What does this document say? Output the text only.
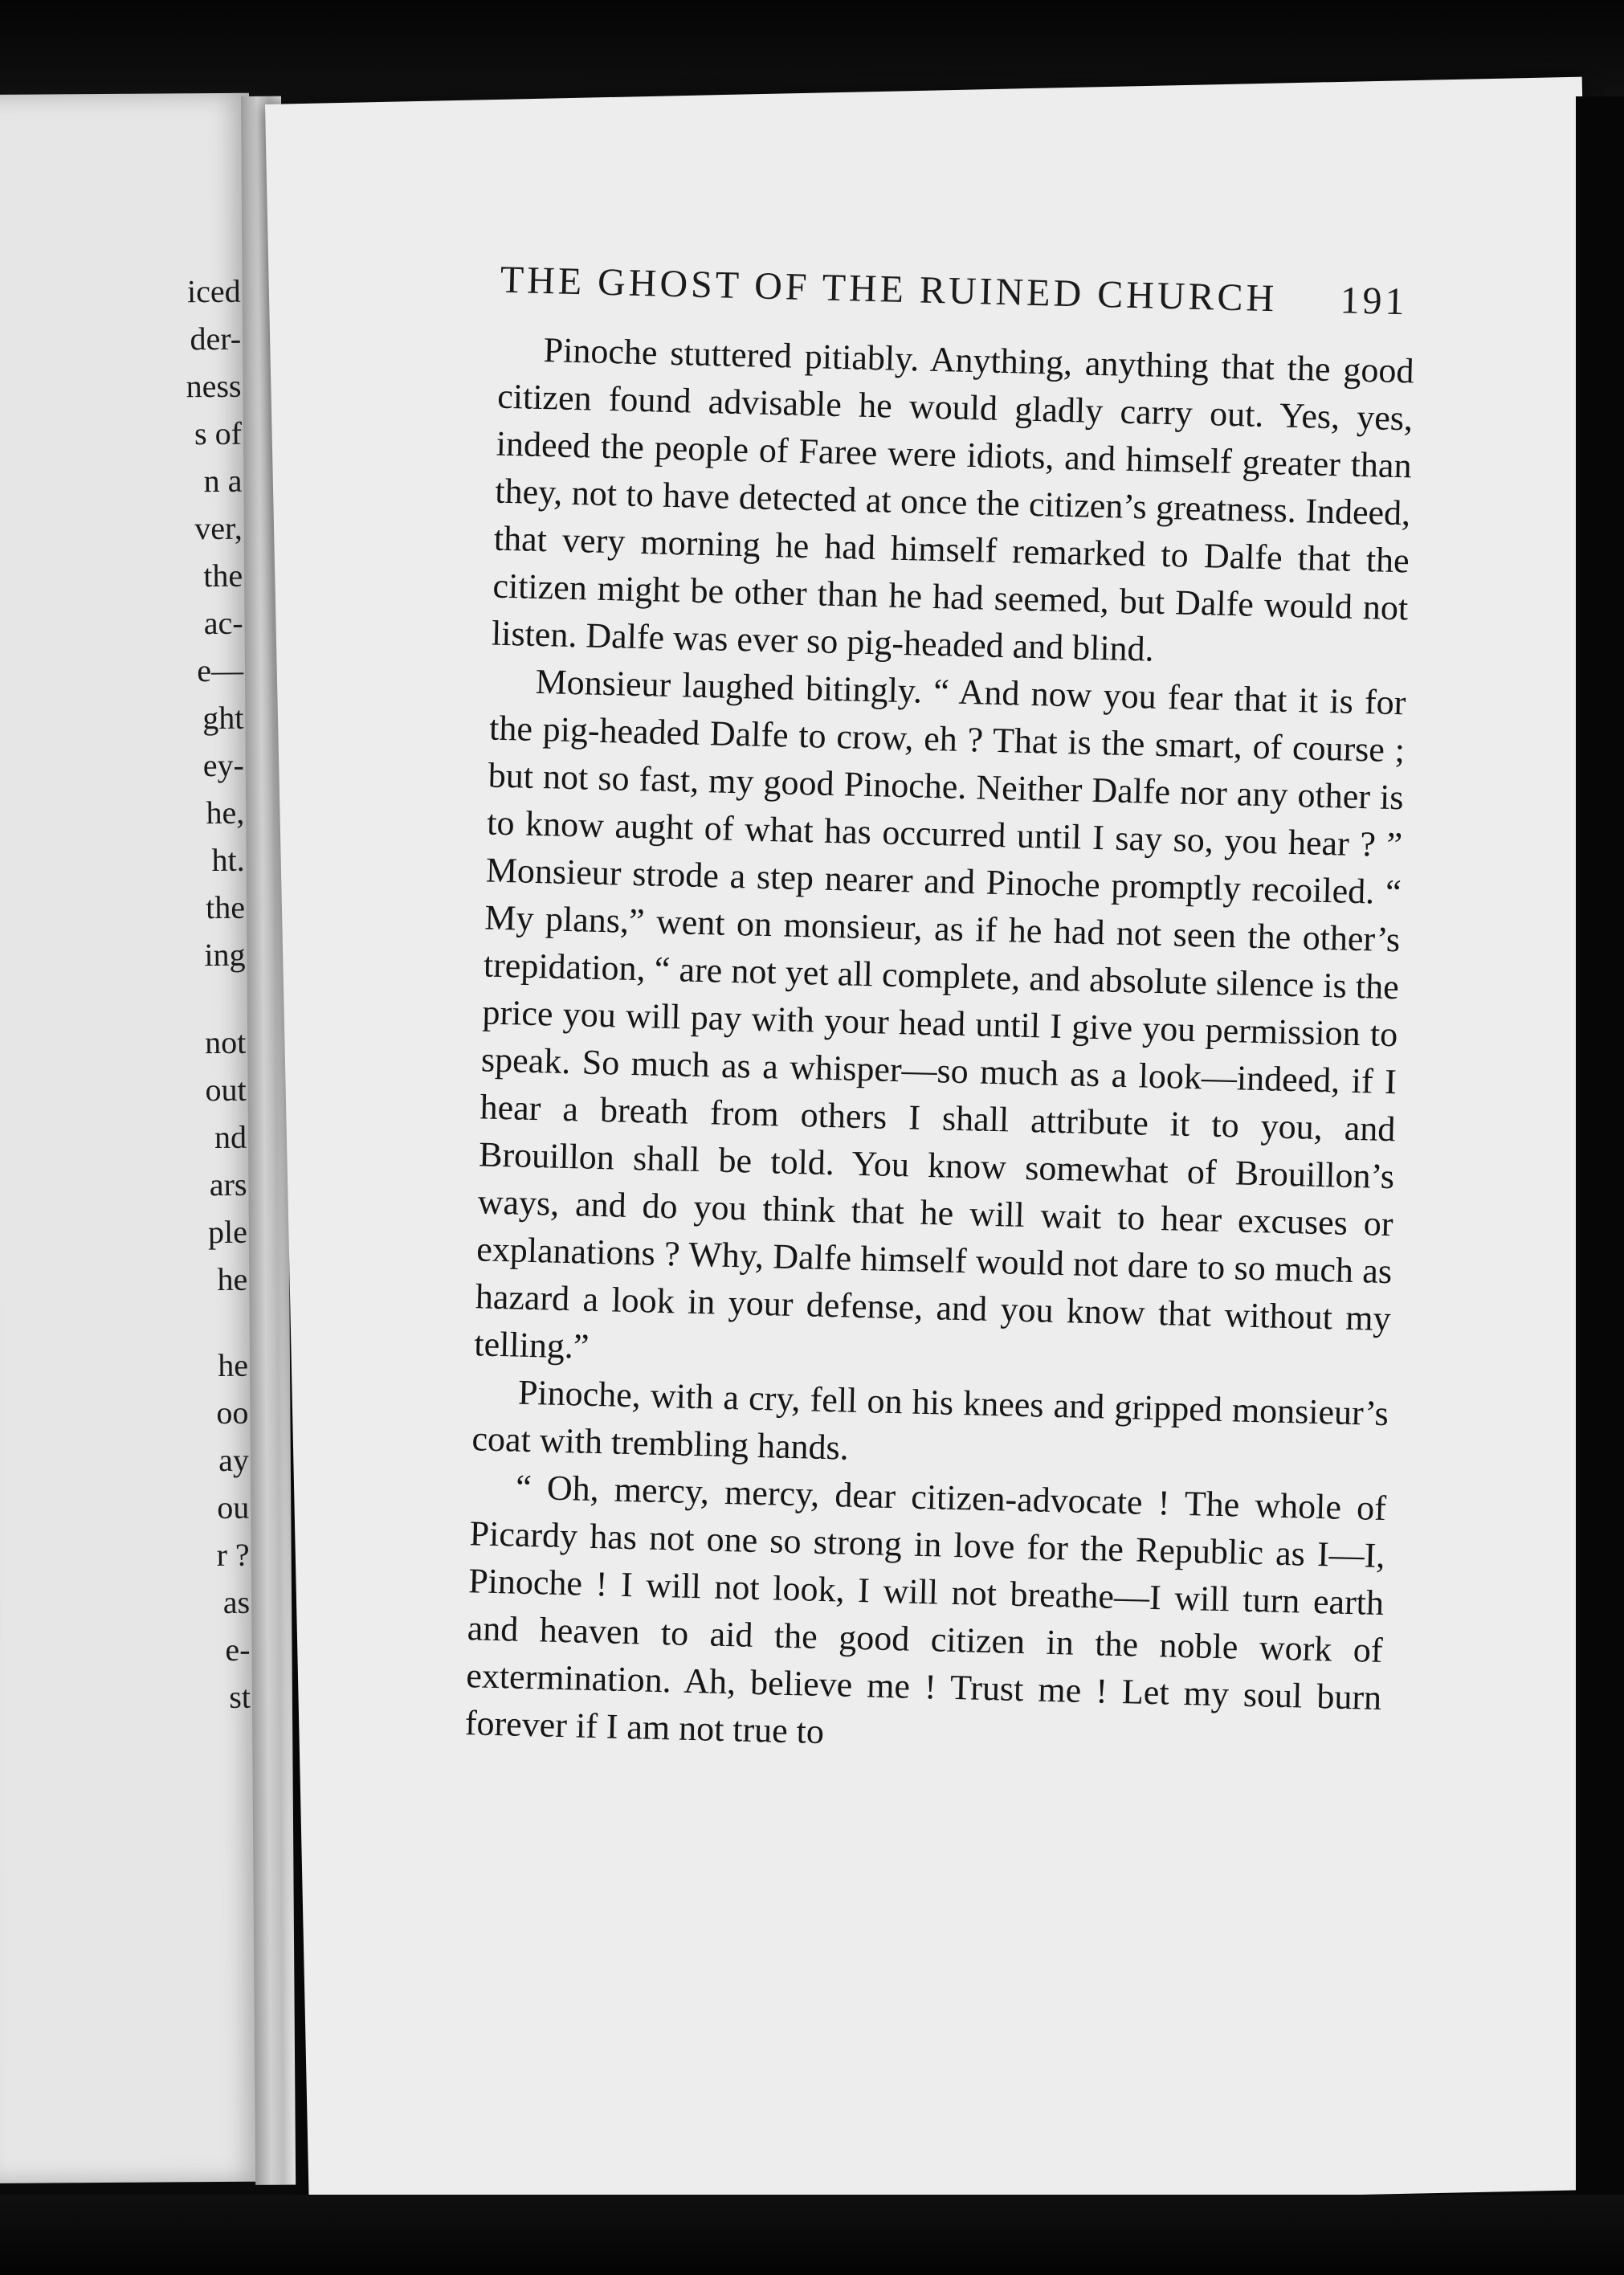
iced
der-
ness
s of
n a
ver,
the
ac-
e—
ght
ey-
he,
ht.
the
ing
not
out
nd
ars
ple
he
he
oo
ay
ou
r ?
as
e-
st
THE GHOST OF THE RUINED CHURCH 191

Pinoche stuttered pitiably. Anything, anything that the good citizen found advisable he would gladly carry out. Yes, yes, indeed the people of Faree were idiots, and himself greater than they, not to have detected at once the citizen’s greatness. Indeed, that very morning he had himself remarked to Dalfe that the citizen might be other than he had seemed, but Dalfe would not listen. Dalfe was ever so pig-headed and blind.

Monsieur laughed bitingly. “ And now you fear that it is for the pig-headed Dalfe to crow, eh ? That is the smart, of course ; but not so fast, my good Pinoche. Neither Dalfe nor any other is to know aught of what has occurred until I say so, you hear ? ” Monsieur strode a step nearer and Pinoche promptly recoiled. “ My plans,” went on monsieur, as if he had not seen the other’s trepidation, “ are not yet all complete, and absolute silence is the price you will pay with your head until I give you permission to speak. So much as a whisper—so much as a look—indeed, if I hear a breath from others I shall attribute it to you, and Brouillon shall be told. You know somewhat of Brouillon’s ways, and do you think that he will wait to hear excuses or explanations ? Why, Dalfe himself would not dare to so much as hazard a look in your defense, and you know that without my telling.”

Pinoche, with a cry, fell on his knees and gripped monsieur’s coat with trembling hands.

“ Oh, mercy, mercy, dear citizen-advocate ! The whole of Picardy has not one so strong in love for the Republic as I—I, Pinoche ! I will not look, I will not breathe—I will turn earth and heaven to aid the good citizen in the noble work of extermination. Ah, believe me ! Trust me ! Let my soul burn forever if I am not true to
